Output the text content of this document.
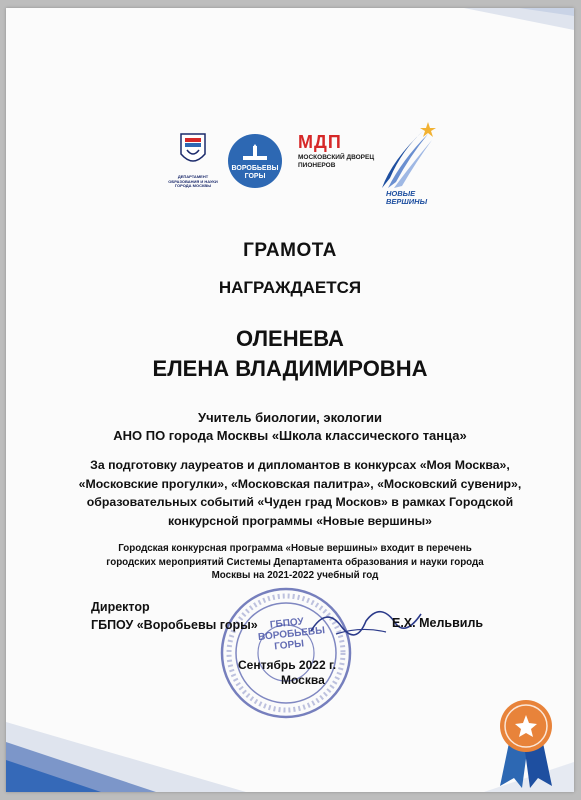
ДЕПАРТАМЕНТ ОБРАЗОВАНИЯ И НАУКИ ГОРОДА МОСКВЫ
ВОРОБЬЕВЫ ГОРЫ
МДП
МОСКОВСКИЙ ДВОРЕЦ ПИОНЕРОВ
НОВЫЕ ВЕРШИНЫ
ГРАМОТА
НАГРАЖДАЕТСЯ
ОЛЕНЕВА
ЕЛЕНА ВЛАДИМИРОВНА
Учитель биологии, экологии
АНО ПО города Москвы «Школа классического танца»
За подготовку лауреатов и дипломантов в конкурсах «Моя Москва», «Московские прогулки», «Московская палитра», «Московский сувенир», образовательных событий «Чуден град Москов» в рамках Городской конкурсной программы «Новые вершины»
Городская конкурсная программа «Новые вершины» входит в перечень городских мероприятий Системы Департамента образования и науки города Москвы на 2021-2022 учебный год
ГБПОУ ВОРОБЬЕВЫ ГОРЫ
Директор
ГБПОУ «Воробьевы горы»	Е.Х. Мельвиль
Сентябрь 2022 г.
Москва
